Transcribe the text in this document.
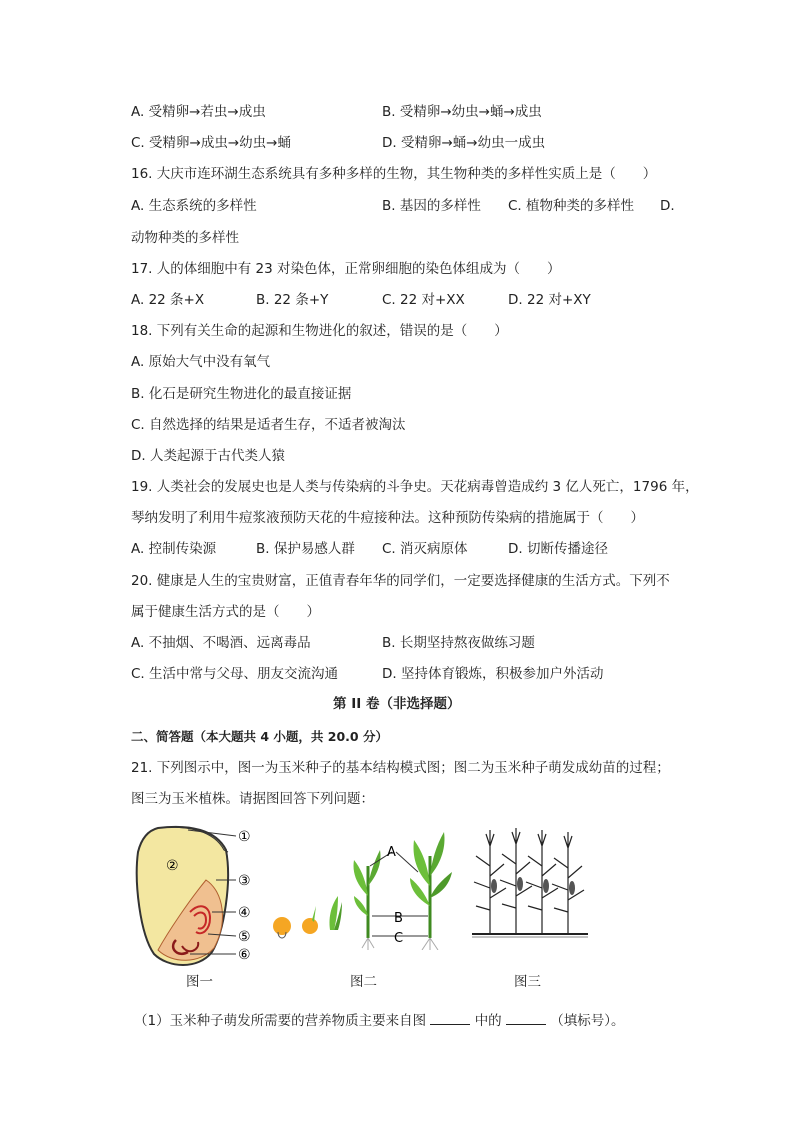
A. 受精卵→若虫→成虫	B. 受精卵→幼虫→蛹→成虫
C. 受精卵→成虫→幼虫→蛹	D. 受精卵→蛹→幼虫一成虫
16. 大庆市连环湖生态系统具有多种多样的生物，其生物种类的多样性实质上是（　　）
A. 生态系统的多样性	B. 基因的多样性 C. 植物种类的多样性 D.
动物种类的多样性
17. 人的体细胞中有 23 对染色体，正常卵细胞的染色体组成为（　　）
A. 22 条+X	B. 22 条+Y	C. 22 对+XX	D. 22 对+XY
18. 下列有关生命的起源和生物进化的叙述，错误的是（　　）
A. 原始大气中没有氧气
B. 化石是研究生物进化的最直接证据
C. 自然选择的结果是适者生存，不适者被淘汰
D. 人类起源于古代类人猿
19. 人类社会的发展史也是人类与传染病的斗争史。天花病毒曾造成约 3 亿人死亡，1796 年，
琴纳发明了利用牛痘浆液预防天花的牛痘接种法。这种预防传染病的措施属于（　　）
A. 控制传染源	B. 保护易感人群 C. 消灭病原体	D. 切断传播途径
20. 健康是人生的宝贵财富，正值青春年华的同学们，一定要选择健康的生活方式。下列不
属于健康生活方式的是（　　）
A. 不抽烟、不喝酒、远离毒品	B. 长期坚持熬夜做练习题
C. 生活中常与父母、朋友交流沟通	D. 坚持体育锻炼，积极参加户外活动
第 II 卷（非选择题）
二、简答题（本大题共 4 小题，共 20.0 分）
21. 下列图示中，图一为玉米种子的基本结构模式图；图二为玉米种子萌发成幼苗的过程；
图三为玉米植株。请据图回答下列问题：
①
②
③
④
⑤
⑥
图一
A
B
C
图二	图三
（1）玉米种子萌发所需要的营养物质主要来自图	中的	（填标号）。
